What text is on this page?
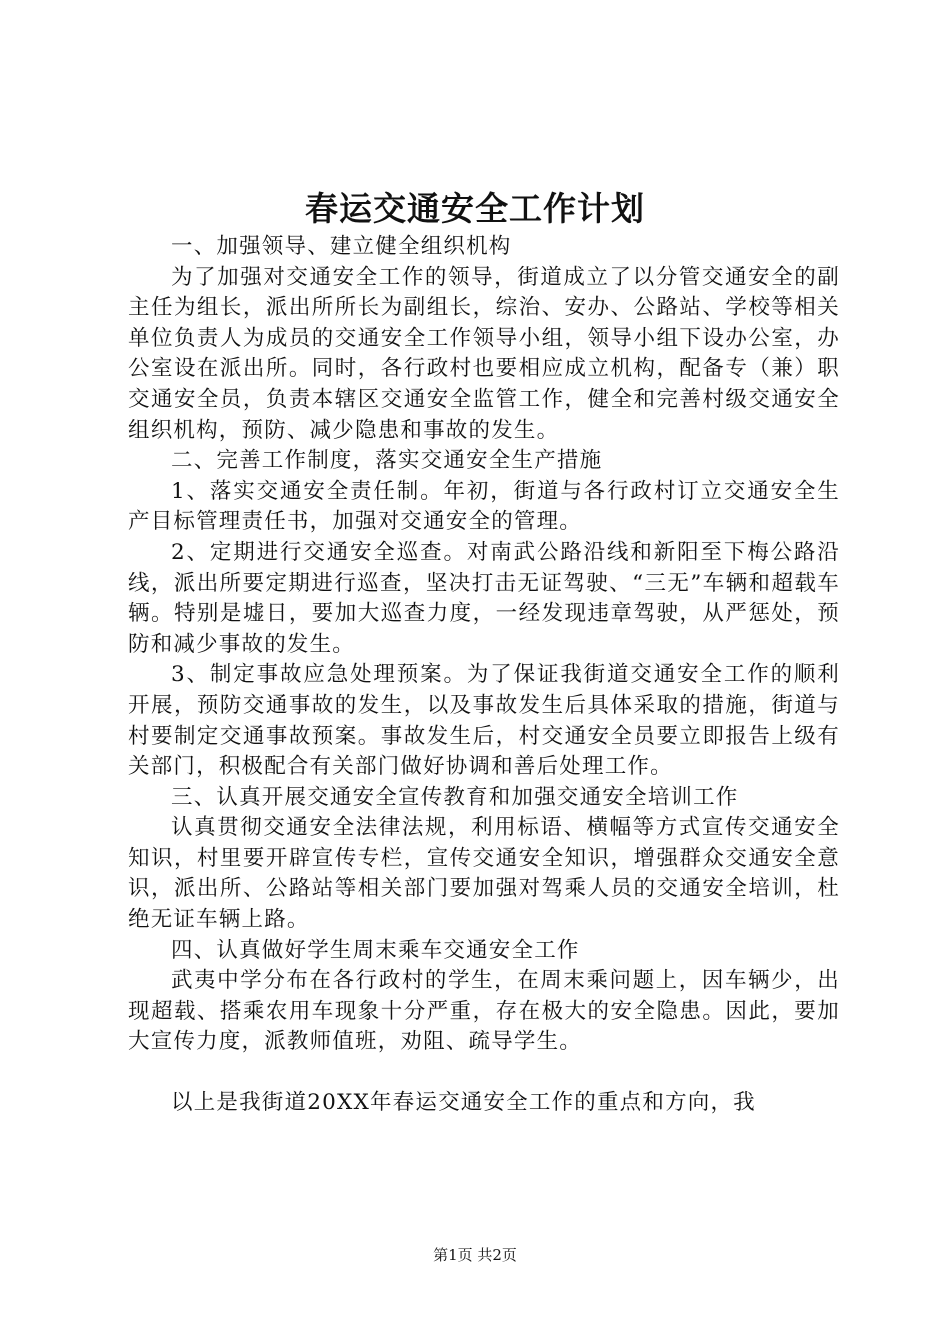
春运交通安全工作计划

一、加强领导、建立健全组织机构

为了加强对交通安全工作的领导，街道成立了以分管交通安全的副主任为组长，派出所所长为副组长，综治、安办、公路站、学校等相关单位负责人为成员的交通安全工作领导小组，领导小组下设办公室，办公室设在派出所。同时，各行政村也要相应成立机构，配备专（兼）职交通安全员，负责本辖区交通安全监管工作，健全和完善村级交通安全组织机构，预防、减少隐患和事故的发生。

二、完善工作制度，落实交通安全生产措施

1、落实交通安全责任制。年初，街道与各行政村订立交通安全生产目标管理责任书，加强对交通安全的管理。

2、定期进行交通安全巡查。对南武公路沿线和新阳至下梅公路沿线，派出所要定期进行巡查，坚决打击无证驾驶、“三无”车辆和超载车辆。特别是墟日，要加大巡查力度，一经发现违章驾驶，从严惩处，预防和减少事故的发生。

3、制定事故应急处理预案。为了保证我街道交通安全工作的顺利开展，预防交通事故的发生，以及事故发生后具体采取的措施，街道与村要制定交通事故预案。事故发生后，村交通安全员要立即报告上级有关部门，积极配合有关部门做好协调和善后处理工作。

三、认真开展交通安全宣传教育和加强交通安全培训工作

认真贯彻交通安全法律法规，利用标语、横幅等方式宣传交通安全知识，村里要开辟宣传专栏，宣传交通安全知识，增强群众交通安全意识，派出所、公路站等相关部门要加强对驾乘人员的交通安全培训，杜绝无证车辆上路。

四、认真做好学生周末乘车交通安全工作

武夷中学分布在各行政村的学生，在周末乘问题上，因车辆少，出现超载、搭乘农用车现象十分严重，存在极大的安全隐患。因此，要加大宣传力度，派教师值班，劝阻、疏导学生。

以上是我街道20XX年春运交通安全工作的重点和方向，我

第1页 共2页
